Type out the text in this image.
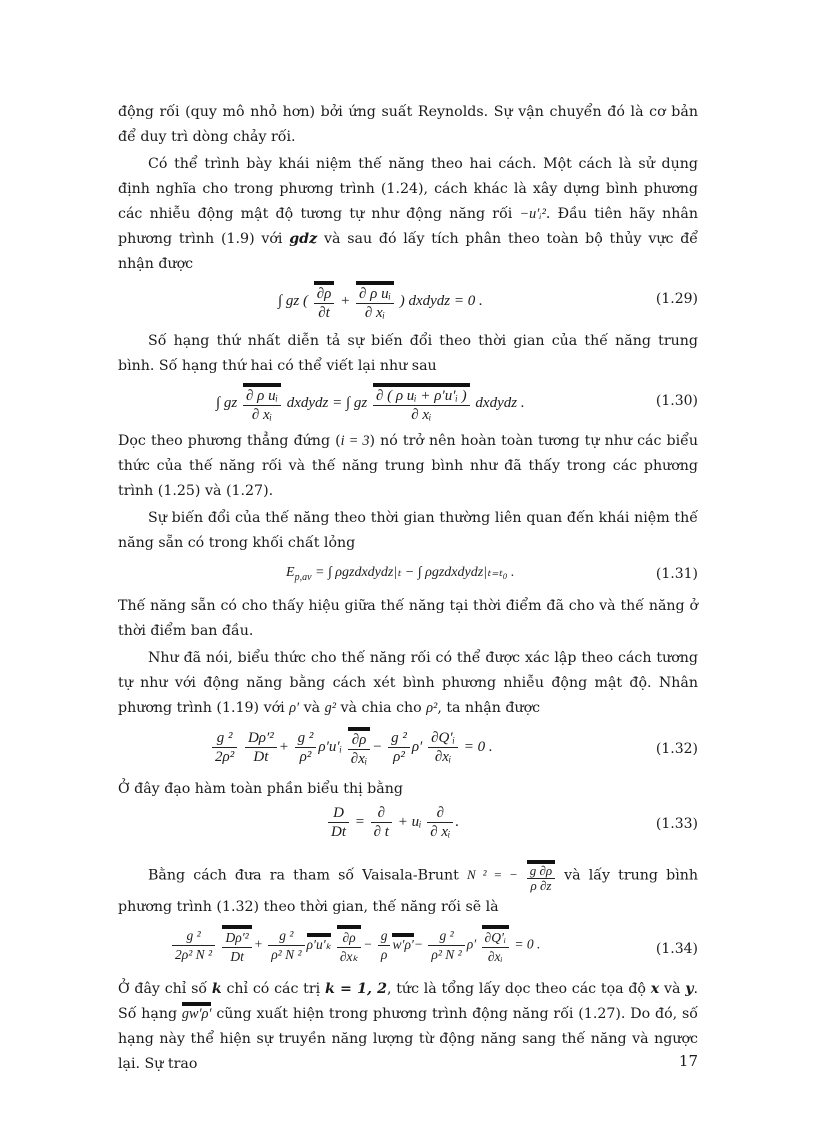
động rối (quy mô nhỏ hơn) bởi ứng suất Reynolds. Sự vận chuyển đó là cơ bản để duy trì dòng chảy rối.

Có thể trình bày khái niệm thế năng theo hai cách. Một cách là sử dụng định nghĩa cho trong phương trình (1.24), cách khác là xây dựng bình phương các nhiễu động mật độ tương tự như động năng rối −u′ᵢ². Đầu tiên hãy nhân phương trình (1.9) với gdz và sau đó lấy tích phân theo toàn bộ thủy vực để nhận được

∫ gz ( $\frac{\partial\rho}{\partial t} + \frac{\text{∂ ρ uᵢ}}{\text{∂ xᵢ}}$ ) dxdydz = 0 .	(1.29)

Số hạng thứ nhất diễn tả sự biến đổi theo thời gian của thế năng trung bình. Số hạng thứ hai có thể viết lại như sau

∫ gz $\frac{\text{∂ ρ uᵢ}}{\text{∂ xᵢ}}$ dxdydz = ∫ gz $\frac{\text{∂ ( ρ uᵢ + ρ′u′ᵢ )}}{\text{∂ xᵢ}}$ dxdydz .	(1.30)

Dọc theo phương thẳng đứng (i = 3) nó trở nên hoàn toàn tương tự như các biểu thức của thế năng rối và thế năng trung bình như đã thấy trong các phương trình (1.25) và (1.27).

Sự biến đổi của thế năng theo thời gian thường liên quan đến khái niệm thế năng sẵn có trong khối chất lỏng

$E_{p,av}$ = ∫ ρgzdxdydz|ₜ − ∫ ρgzdxdydz|ₜ₌ₜ₀ .	(1.31)

Thế năng sẵn có cho thấy hiệu giữa thế năng tại thời điểm đã cho và thế năng ở thời điểm ban đầu.

Như đã nói, biểu thức cho thế năng rối có thể được xác lập theo cách tương tự như với động năng bằng cách xét bình phương nhiễu động mật độ. Nhân phương trình (1.19) với ρ′ và g² và chia cho ρ², ta nhận được

$\frac{\text{g ²}}{\text{2ρ²}}$
$\frac{\text{Dρ′²}}{Dt} + \frac{\text{g ²}}{\text{ρ²}}$ ρ′u′ᵢ $\frac{\partial\rho}{\text{∂xᵢ}} - \frac{\text{g ²}}{\text{ρ²}} \rho' \frac{\text{∂Q′ᵢ}}{\text{∂xᵢ}} = 0$ .	(1.32)

Ở đây đạo hàm toàn phần biểu thị bằng

$\frac{D}{Dt} = \frac{\partial}{\partial t}$ + uᵢ $\frac{\partial}{\text{∂ xᵢ}}$ .	(1.33)

Bằng cách đưa ra tham số Vaisala-Brunt N ² = − $\frac{g \partial\rho}{\rho \partial z}$ và lấy trung bình phương trình (1.32) theo thời gian, thế năng rối sẽ là

$\frac{\text{g ²}}{\text{2ρ² N ²}}$
$\frac{\text{Dρ′²}}{Dt} + \frac{\text{g ²}}{\text{ρ² N ²}} \rho'u'_k \frac{\partial\rho}{\text{∂xₖ}} - \frac{g}{\rho} w'\rho'- \frac{\text{g ²}}{\text{ρ² N ²}} \rho' \frac{\text{∂Q′ᵢ}}{\text{∂xᵢ}} = 0$ .	(1.34)

Ở đây chỉ số k chỉ có các trị k = 1, 2, tức là tổng lấy dọc theo các tọa độ x và y. Số hạng gw′ρ′ cũng xuất hiện trong phương trình động năng rối (1.27). Do đó, số hạng này thể hiện sự truyền năng lượng từ động năng sang thế năng và ngược lại. Sự trao	17
